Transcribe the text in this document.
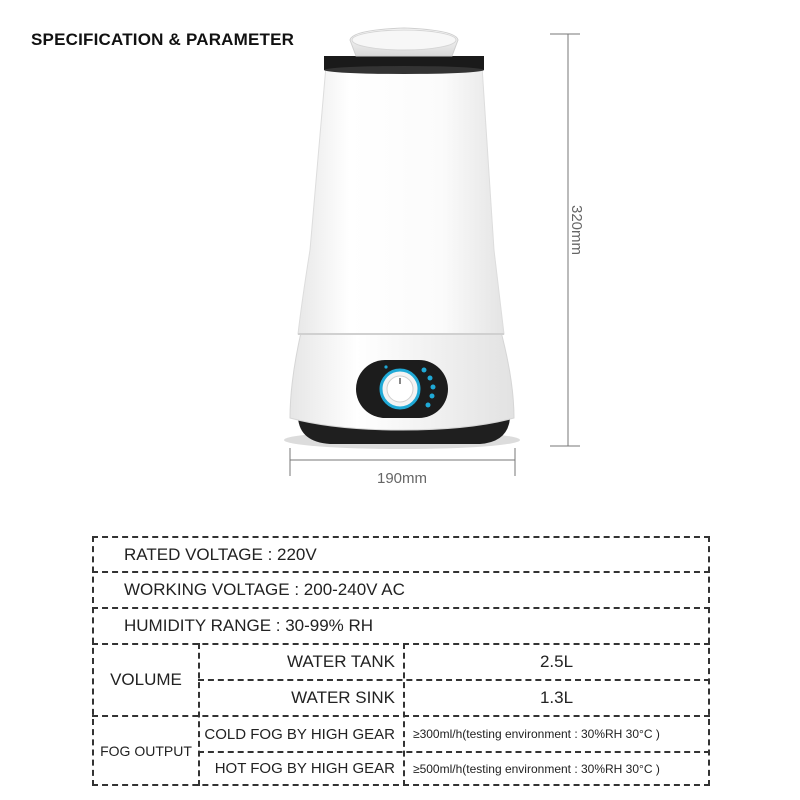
SPECIFICATION & PARAMETER
320mm
190mm
RATED VOLTAGE : 220V
WORKING VOLTAGE : 200-240V AC
HUMIDITY RANGE : 30-99% RH
VOLUME
WATER TANK	2.5L
WATER SINK	1.3L
FOG OUTPUT
COLD FOG BY HIGH GEAR	≥300ml/h(testing environment : 30%RH 30°C )
HOT FOG BY HIGH GEAR	≥500ml/h(testing environment : 30%RH 30°C )
